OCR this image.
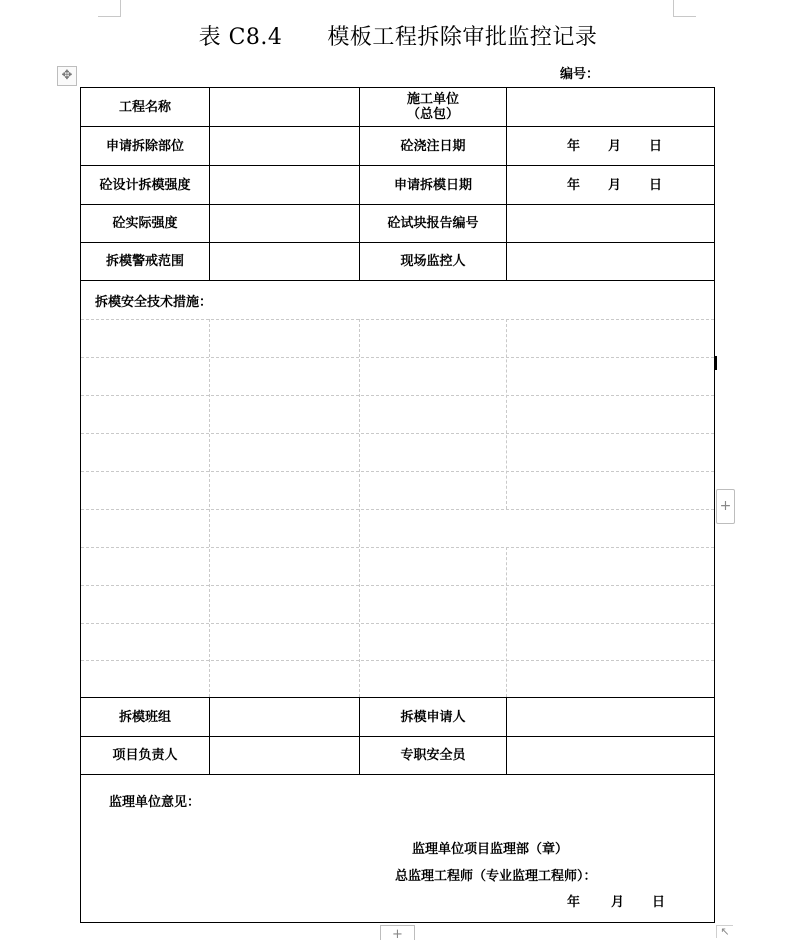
表 C8.4　　模板工程拆除审批监控记录
编号：
✥
工程名称	施工单位
（总包）
申请拆除部位	砼浇注日期	年 月 日
砼设计拆模强度	申请拆模日期	年 月 日
砼实际强度	砼试块报告编号
拆模警戒范围	现场监控人
拆模安全技术措施：
拆模班组	拆模申请人
项目负责人	专职安全员
监理单位意见：
监理单位项目监理部（章）
总监理工程师（专业监理工程师）：
年 月 日
+
+	↖
